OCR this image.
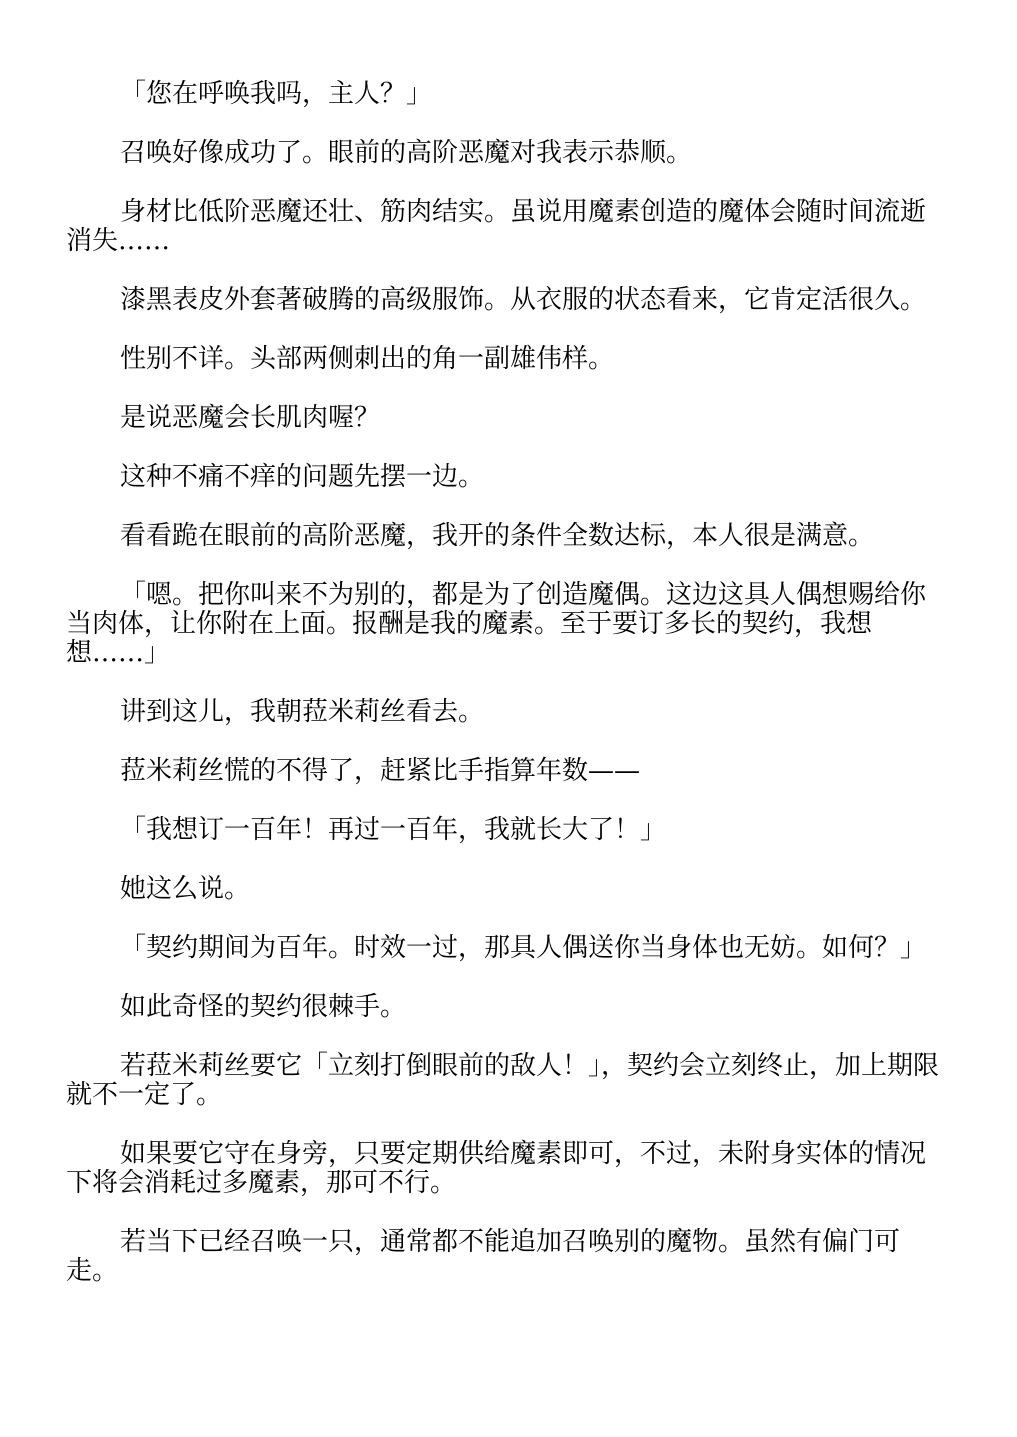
「您在呼唤我吗，主人？」

召唤好像成功了。眼前的高阶恶魔对我表示恭顺。

身材比低阶恶魔还壮、筋肉结实。虽说用魔素创造的魔体会随时间流逝消失……

漆黑表皮外套著破腾的高级服饰。从衣服的状态看来，它肯定活很久。

性别不详。头部两侧刺出的角一副雄伟样。

是说恶魔会长肌肉喔？

这种不痛不痒的问题先摆一边。

看看跪在眼前的高阶恶魔，我开的条件全数达标，本人很是满意。

「嗯。把你叫来不为别的，都是为了创造魔偶。这边这具人偶想赐给你当肉体，让你附在上面。报酬是我的魔素。至于要订多长的契约，我想想……」

讲到这儿，我朝菈米莉丝看去。

菈米莉丝慌的不得了，赶紧比手指算年数——

「我想订一百年！再过一百年，我就长大了！」

她这么说。

「契约期间为百年。时效一过，那具人偶送你当身体也无妨。如何？」

如此奇怪的契约很棘手。

若菈米莉丝要它「立刻打倒眼前的敌人！」，契约会立刻终止，加上期限就不一定了。

如果要它守在身旁，只要定期供给魔素即可，不过，未附身实体的情况下将会消耗过多魔素，那可不行。

若当下已经召唤一只，通常都不能追加召唤别的魔物。虽然有偏门可走。
